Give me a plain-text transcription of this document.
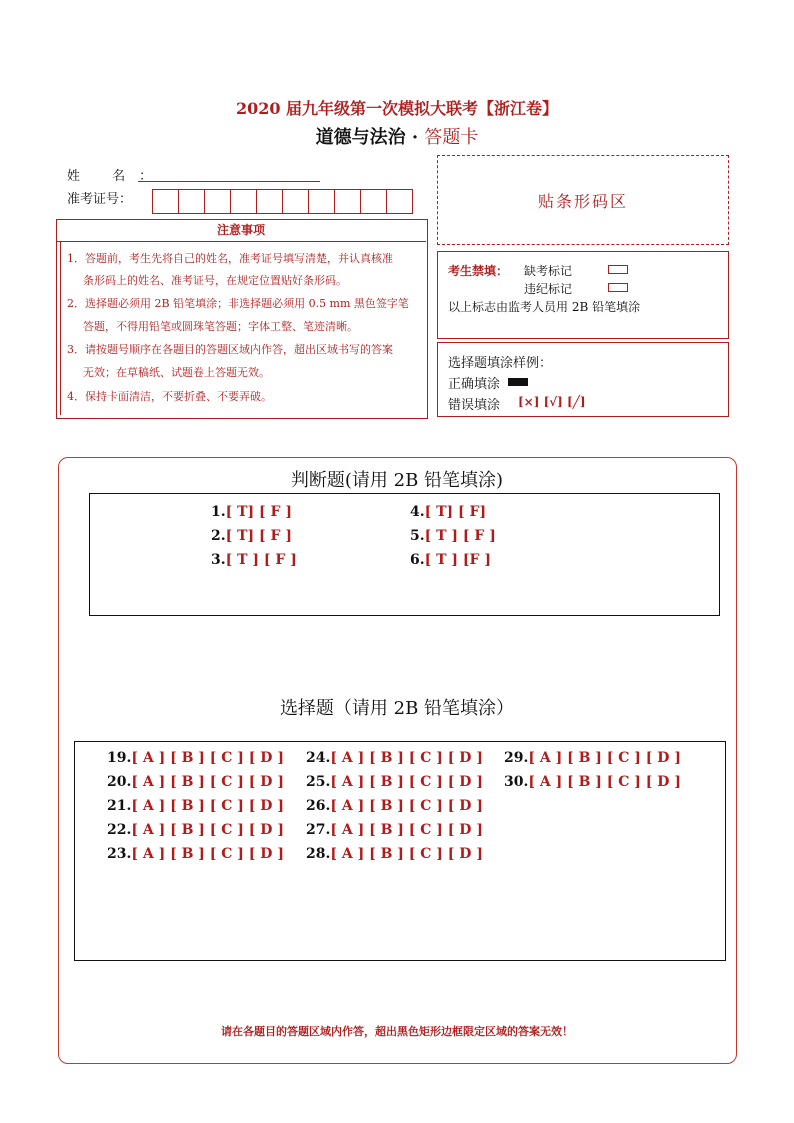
2020 届九年级第一次模拟大联考【浙江卷】
道德与法治 · 答题卡
姓 名：
准考证号：
注意事项
1．答题前，考生先将自己的姓名，准考证号填写清楚，并认真核准
条形码上的姓名、准考证号，在规定位置贴好条形码。
2．选择题必须用 2B 铅笔填涂；非选择题必须用 0.5 mm 黑色签字笔
答题，不得用铅笔或圆珠笔答题；字体工整、笔迹清晰。
3．请按题号顺序在各题目的答题区域内作答，超出区域书写的答案
无效；在草稿纸、试题卷上答题无效。
4．保持卡面清洁，不要折叠、不要弄破。
贴条形码区
考生禁填： 缺考标记
违纪标记
以上标志由监考人员用 2B 铅笔填涂
选择题填涂样例：
正确填涂
错误填涂 [×] [√] [╱]
判断题(请用 2B 铅笔填涂)
1.[ T] [ F ]
2.[ T] [ F ]
3.[ T ] [ F ]
4.[ T] [ F]
5.[ T ] [ F ]
6.[ T ] [F ]
选择题（请用 2B 铅笔填涂）
19.[ A ] [ B ] [ C ] [ D ]
20.[ A ] [ B ] [ C ] [ D ]
21.[ A ] [ B ] [ C ] [ D ]
22.[ A ] [ B ] [ C ] [ D ]
23.[ A ] [ B ] [ C ] [ D ]
24.[ A ] [ B ] [ C ] [ D ]
25.[ A ] [ B ] [ C ] [ D ]
26.[ A ] [ B ] [ C ] [ D ]
27.[ A ] [ B ] [ C ] [ D ]
28.[ A ] [ B ] [ C ] [ D ]
29.[ A ] [ B ] [ C ] [ D ]
30.[ A ] [ B ] [ C ] [ D ]
请在各题目的答题区域内作答，超出黑色矩形边框限定区域的答案无效！
